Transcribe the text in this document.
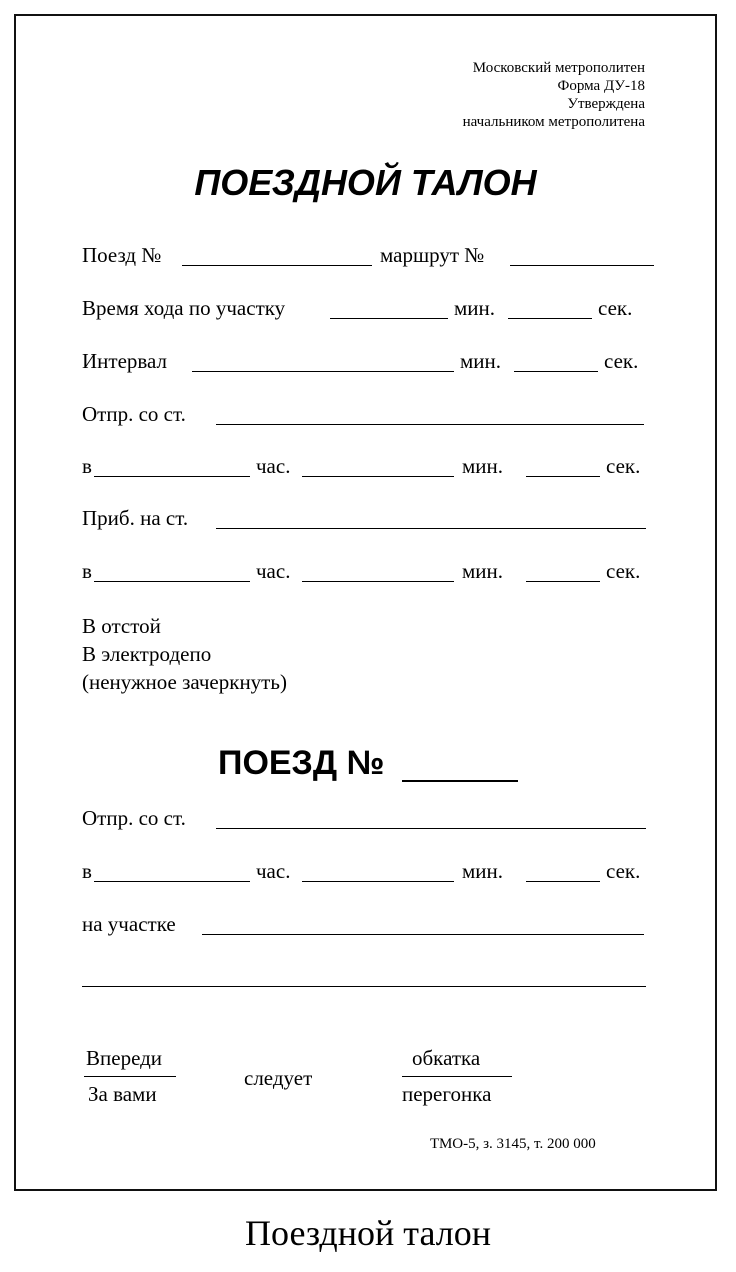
Московский метрополитен
Форма ДУ-18
Утверждена
начальником метрополитена
ПОЕЗДНОЙ ТАЛОН
Поезд №	маршрут №
Время хода по участку	мин.	сек.
Интервал	мин.	сек.
Отпр. со ст.
в	час.	мин.	сек.
Приб. на ст.
в	час.	мин.	сек.
В отстой
В электродепо
(ненужное зачеркнуть)
ПОЕЗД №
Отпр. со ст.
в	час.	мин.	сек.
на участке
Впереди
За вами
следует
обкатка
перегонка
ТМО-5, з. 3145, т. 200 000
Поездной талон
